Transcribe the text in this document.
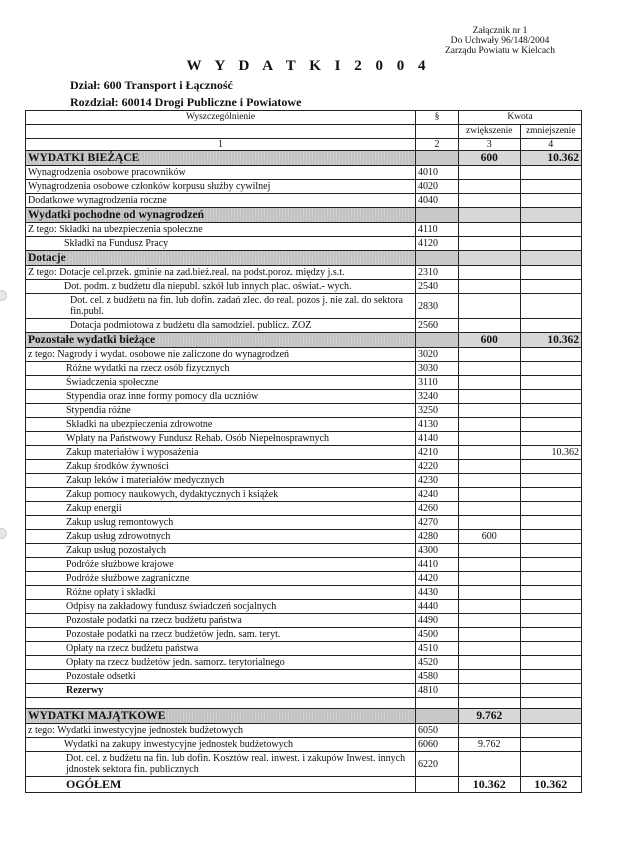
Załącznik nr 1
Do Uchwały 96/148/2004
Zarządu Powiatu w Kielcach
W Y D A T K I 2 0 0 4
Dział: 600 Transport i Łączność
Rozdział: 60014 Drogi Publiczne i Powiatowe
Wyszczególnienie	§	Kwota	
		zwiększenie	zmniejszenie
1	2	3	4
WYDATKI BIEŻĄCE		600	10.362
Wynagrodzenia osobowe pracowników	4010		
Wynagrodzenia osobowe członków korpusu służby cywilnej	4020		
Dodatkowe wynagrodzenia roczne	4040		
Wydatki pochodne od wynagrodzeń			
Z tego: Składki na ubezpieczenia społeczne	4110		
Składki na Fundusz Pracy	4120		
Dotacje			
Z tego: Dotacje cel.przek. gminie na zad.bież.real. na podst.poroz. między j.s.t.	2310		
Dot. podm. z budżetu dla niepubl. szkół lub innych plac. oświat.- wych.	2540		
Dot. cel. z budżetu na fin. lub dofin. zadań zlec. do real. pozos j. nie zal. do sektora fin.publ.	2830		
Dotacja podmiotowa z budżetu dla samodziel. publicz. ZOZ	2560		
Pozostałe wydatki bieżące		600	10.362
z tego: Nagrody i wydat. osobowe nie zaliczone do wynagrodzeń	3020		
Różne wydatki na rzecz osób fizycznych	3030		
Świadczenia społeczne	3110		
Stypendia oraz inne formy pomocy dla uczniów	3240		
Stypendia różne	3250		
Składki na ubezpieczenia zdrowotne	4130		
Wpłaty na Państwowy Fundusz Rehab. Osób Niepełnosprawnych	4140		
Zakup materiałów i wyposażenia	4210		10.362
Zakup środków żywności	4220		
Zakup leków i materiałów medycznych	4230		
Zakup pomocy naukowych, dydaktycznych i książek	4240		
Zakup energii	4260		
Zakup usług remontowych	4270		
Zakup usług zdrowotnych	4280	600	
Zakup usług pozostałych	4300		
Podróże służbowe krajowe	4410		
Podróże służbowe zagraniczne	4420		
Różne opłaty i składki	4430		
Odpisy na zakładowy fundusz świadczeń socjalnych	4440		
Pozostałe podatki na rzecz budżetu państwa	4490		
Pozostałe podatki na rzecz budżetów jedn. sam. teryt.	4500		
Opłaty na rzecz budżetu państwa	4510		
Opłaty na rzecz budżetów jedn. samorz. terytorialnego	4520		
Pozostałe odsetki	4580		
Rezerwy	4810		

WYDATKI MAJĄTKOWE		9.762	
z tego: Wydatki inwestycyjne jednostek budżetowych	6050		
Wydatki na zakupy inwestycyjne jednostek budżetowych	6060	9.762	
Dot. cel. z budżetu na fin. lub dofin. Kosztów real. inwest. i zakupów Inwest. innych jdnostek sektora fin. publicznych	6220		
OGÓŁEM		10.362	10.362
